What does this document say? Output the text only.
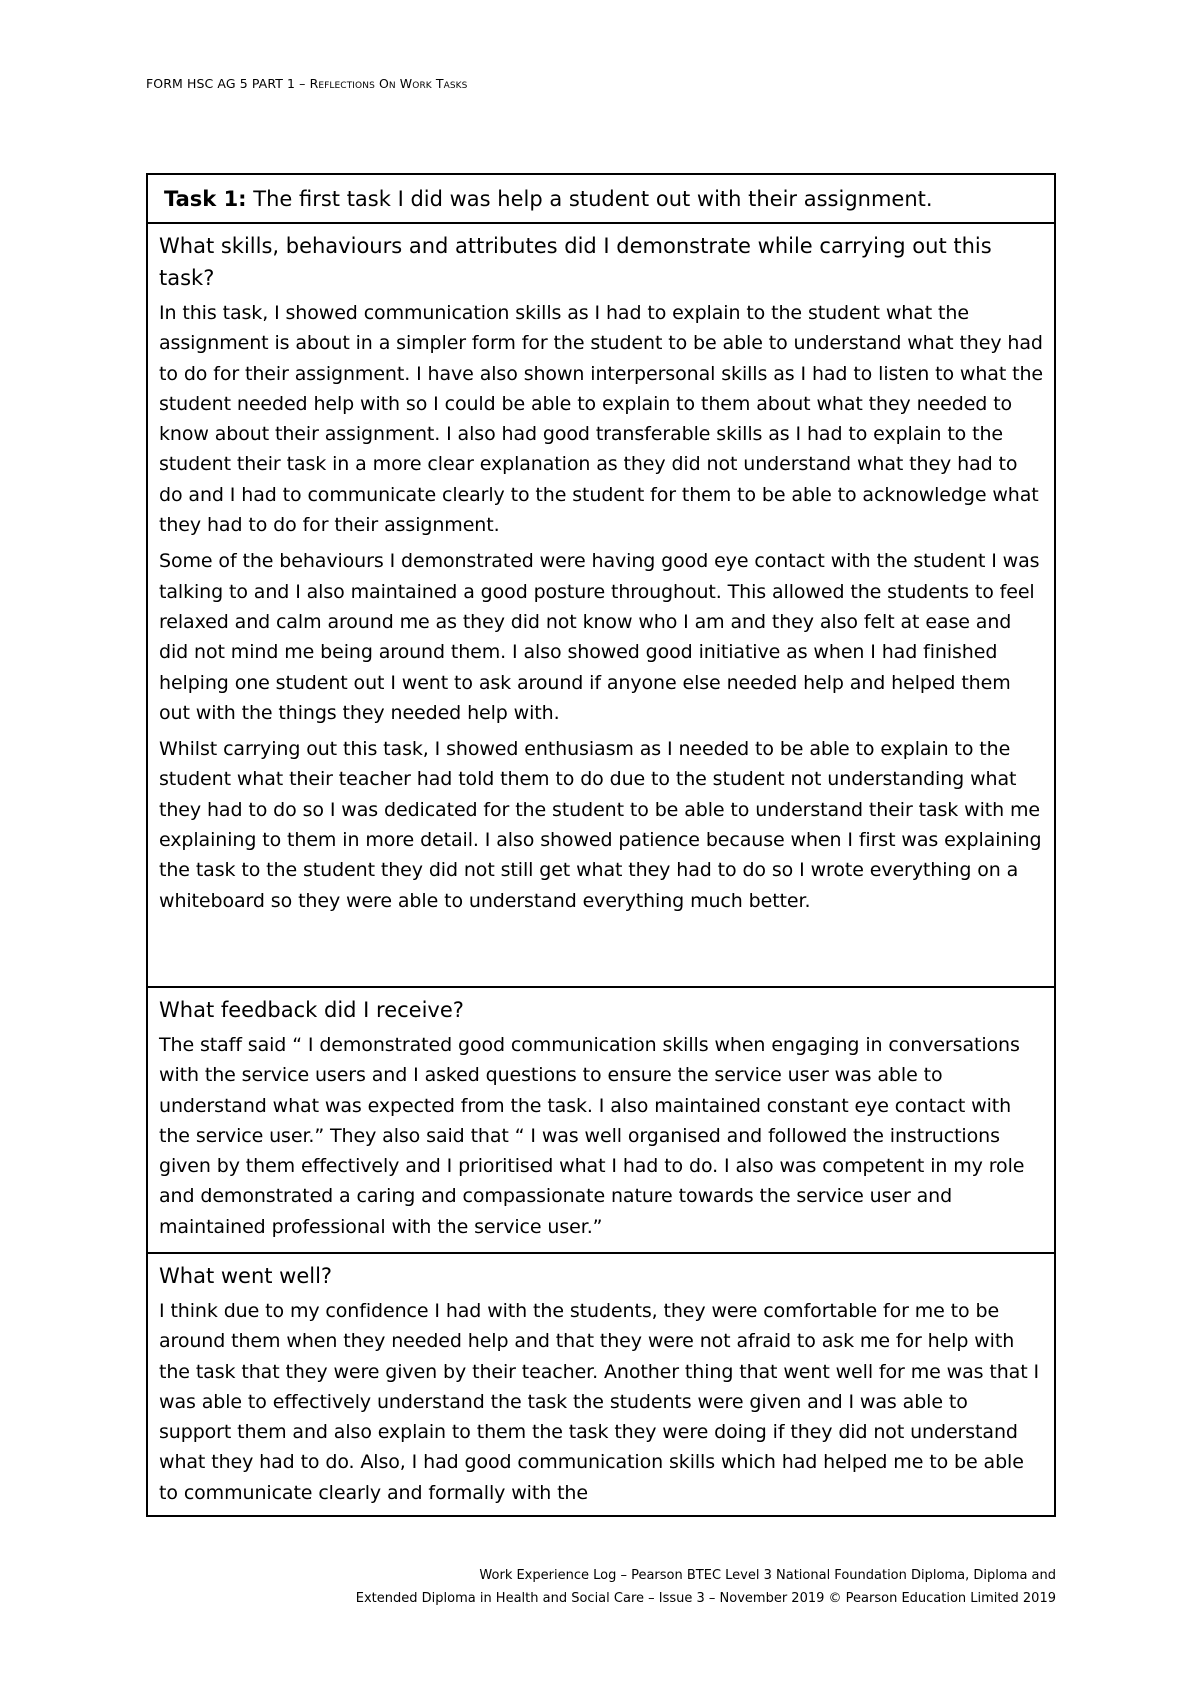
FORM HSC AG 5 PART 1 – Reflections On Work Tasks
Task 1: The first task I did was help a student out with their assignment.

What skills, behaviours and attributes did I demonstrate while carrying out this task?

In this task, I showed communication skills as I had to explain to the student what the assignment is about in a simpler form for the student to be able to understand what they had to do for their assignment. I have also shown interpersonal skills as I had to listen to what the student needed help with so I could be able to explain to them about what they needed to know about their assignment. I also had good transferable skills as I had to explain to the student their task in a more clear explanation as they did not understand what they had to do and I had to communicate clearly to the student for them to be able to acknowledge what they had to do for their assignment.

Some of the behaviours I demonstrated were having good eye contact with the student I was talking to and I also maintained a good posture throughout. This allowed the students to feel relaxed and calm around me as they did not know who I am and they also felt at ease and did not mind me being around them. I also showed good initiative as when I had finished helping one student out I went to ask around if anyone else needed help and helped them out with the things they needed help with.

Whilst carrying out this task, I showed enthusiasm as I needed to be able to explain to the student what their teacher had told them to do due to the student not understanding what they had to do so I was dedicated for the student to be able to understand their task with me explaining to them in more detail. I also showed patience because when I first was explaining the task to the student they did not still get what they had to do so I wrote everything on a whiteboard so they were able to understand everything much better.

What feedback did I receive?

The staff said “ I demonstrated good communication skills when engaging in conversations with the service users and I asked questions to ensure the service user was able to understand what was expected from the task. I also maintained constant eye contact with the service user.” They also said that “ I was well organised and followed the instructions given by them effectively and I prioritised what I had to do. I also was competent in my role and demonstrated a caring and compassionate nature towards the service user and maintained professional with the service user.”

What went well?

I think due to my confidence I had with the students, they were comfortable for me to be around them when they needed help and that they were not afraid to ask me for help with the task that they were given by their teacher. Another thing that went well for me was that I was able to effectively understand the task the students were given and I was able to support them and also explain to them the task they were doing if they did not understand what they had to do. Also, I had good communication skills which had helped me to be able to communicate clearly and formally with the

Work Experience Log – Pearson BTEC Level 3 National Foundation Diploma, Diploma and
Extended Diploma in Health and Social Care – Issue 3 – November 2019 © Pearson Education Limited 2019
